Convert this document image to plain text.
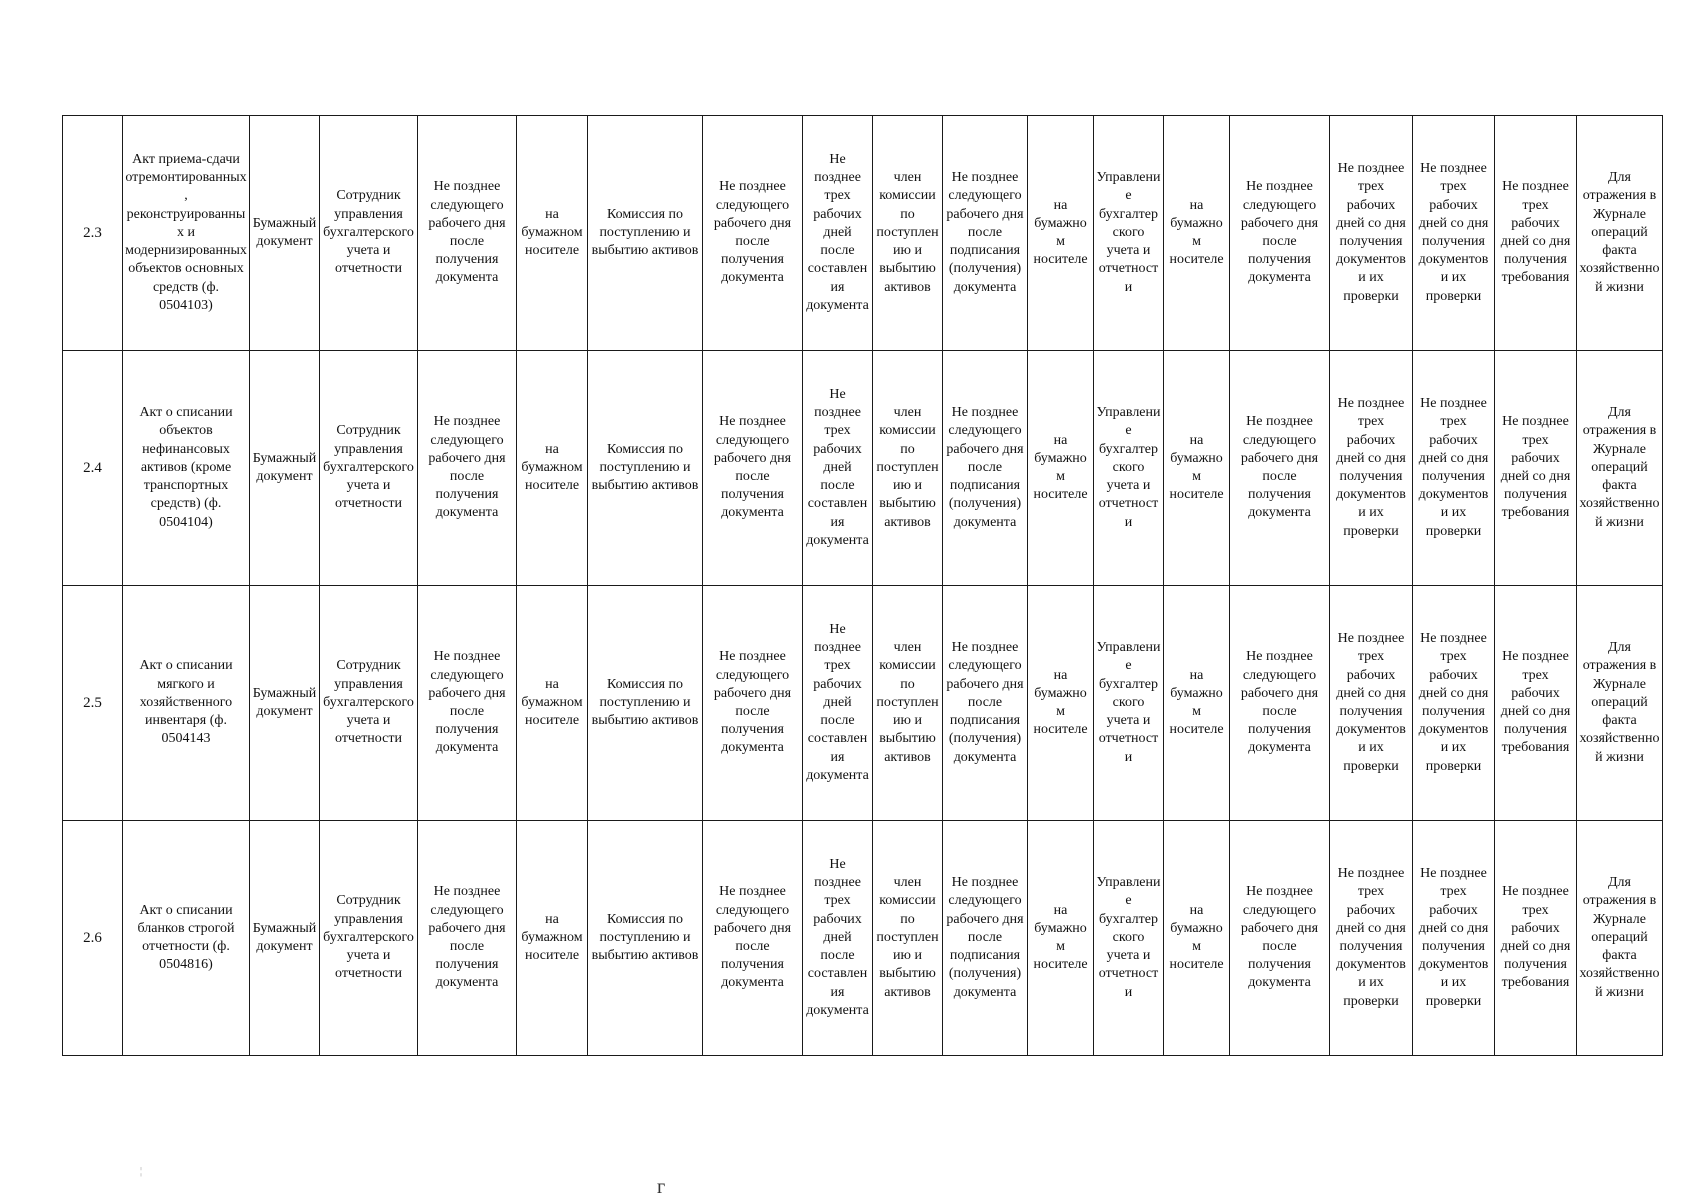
2.3	Акт приема-сдачи отремонтированных, реконструированных и модернизированных объектов основных средств (ф. 0504103)	Бумажный документ	Сотрудник управления бухгалтерского учета и отчетности	Не позднее следующего рабочего дня после получения документа	на бумажном носителе	Комиссия по поступлению и выбытию активов	Не позднее следующего рабочего дня после получения документа	Не позднее трех рабочих дней после составления документа	член комиссии по поступлению и выбытию активов	Не позднее следующего рабочего дня после подписания (получения) документа	на бумажном носителе	Управление бухгалтерского учета и отчетности	на бумажном носителе	Не позднее следующего рабочего дня после получения документа	Не позднее трех рабочих дней со дня получения документов и их проверки	Не позднее трех рабочих дней со дня получения документов и их проверки	Не позднее трех рабочих дней со дня получения требования	Для отражения в Журнале операций факта хозяйственной жизни
2.4	Акт о списании объектов нефинансовых активов (кроме транспортных средств) (ф. 0504104)	Бумажный документ	Сотрудник управления бухгалтерского учета и отчетности	Не позднее следующего рабочего дня после получения документа	на бумажном носителе	Комиссия по поступлению и выбытию активов	Не позднее следующего рабочего дня после получения документа	Не позднее трех рабочих дней после составления документа	член комиссии по поступлению и выбытию активов	Не позднее следующего рабочего дня после подписания (получения) документа	на бумажном носителе	Управление бухгалтерского учета и отчетности	на бумажном носителе	Не позднее следующего рабочего дня после получения документа	Не позднее трех рабочих дней со дня получения документов и их проверки	Не позднее трех рабочих дней со дня получения документов и их проверки	Не позднее трех рабочих дней со дня получения требования	Для отражения в Журнале операций факта хозяйственной жизни
2.5	Акт о списании мягкого и хозяйственного инвентаря (ф. 0504143	Бумажный документ	Сотрудник управления бухгалтерского учета и отчетности	Не позднее следующего рабочего дня после получения документа	на бумажном носителе	Комиссия по поступлению и выбытию активов	Не позднее следующего рабочего дня после получения документа	Не позднее трех рабочих дней после составления документа	член комиссии по поступлению и выбытию активов	Не позднее следующего рабочего дня после подписания (получения) документа	на бумажном носителе	Управление бухгалтерского учета и отчетности	на бумажном носителе	Не позднее следующего рабочего дня после получения документа	Не позднее трех рабочих дней со дня получения документов и их проверки	Не позднее трех рабочих дней со дня получения документов и их проверки	Не позднее трех рабочих дней со дня получения требования	Для отражения в Журнале операций факта хозяйственной жизни
2.6	Акт о списании бланков строгой отчетности (ф. 0504816)	Бумажный документ	Сотрудник управления бухгалтерского учета и отчетности	Не позднее следующего рабочего дня после получения документа	на бумажном носителе	Комиссия по поступлению и выбытию активов	Не позднее следующего рабочего дня после получения документа	Не позднее трех рабочих дней после составления документа	член комиссии по поступлению и выбытию активов	Не позднее следующего рабочего дня после подписания (получения) документа	на бумажном носителе	Управление бухгалтерского учета и отчетности	на бумажном носителе	Не позднее следующего рабочего дня после получения документа	Не позднее трех рабочих дней со дня получения документов и их проверки	Не позднее трех рабочих дней со дня получения документов и их проверки	Не позднее трех рабочих дней со дня получения требования	Для отражения в Журнале операций факта хозяйственной жизни
¦
г
